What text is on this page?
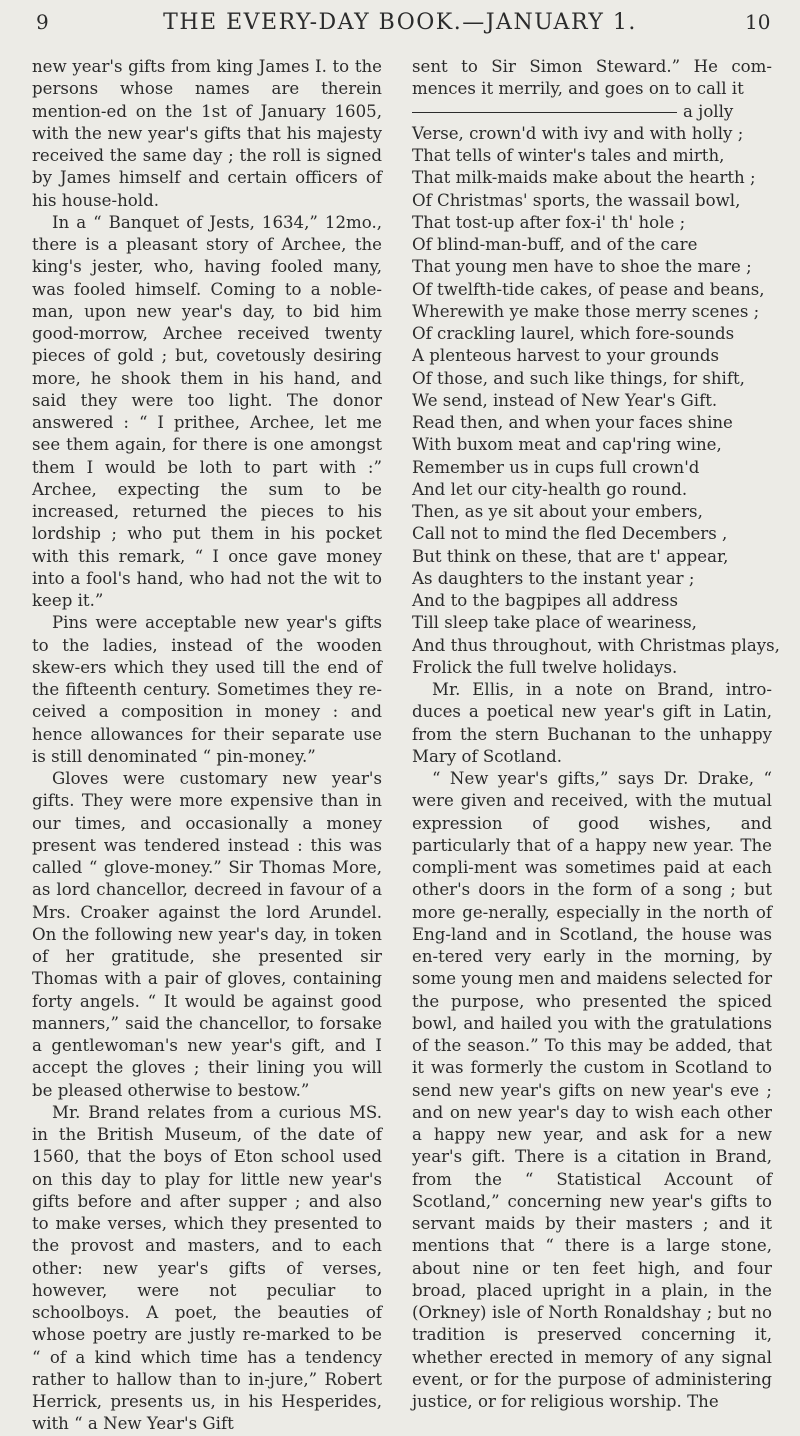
9	THE EVERY-DAY BOOK.—JANUARY 1.	10

new year's gifts from king James I. to the persons whose names are therein mention-ed on the 1st of January 1605, with the new year's gifts that his majesty received the same day ; the roll is signed by James himself and certain officers of his house-hold.

In a “ Banquet of Jests, 1634,” 12mo., there is a pleasant story of Archee, the king's jester, who, having fooled many, was fooled himself. Coming to a noble-man, upon new year's day, to bid him good-morrow, Archee received twenty pieces of gold ; but, covetously desiring more, he shook them in his hand, and said they were too light. The donor answered : “ I prithee, Archee, let me see them again, for there is one amongst them I would be loth to part with :” Archee, expecting the sum to be increased, returned the pieces to his lordship ; who put them in his pocket with this remark, “ I once gave money into a fool's hand, who had not the wit to keep it.”

Pins were acceptable new year's gifts to the ladies, instead of the wooden skew-ers which they used till the end of the fifteenth century. Sometimes they re-ceived a composition in money : and hence allowances for their separate use is still denominated “ pin-money.”

Gloves were customary new year's gifts. They were more expensive than in our times, and occasionally a money present was tendered instead : this was called “ glove-money.” Sir Thomas More, as lord chancellor, decreed in favour of a Mrs. Croaker against the lord Arundel. On the following new year's day, in token of her gratitude, she presented sir Thomas with a pair of gloves, containing forty angels. “ It would be against good manners,” said the chancellor, to forsake a gentlewoman's new year's gift, and I accept the gloves ; their lining you will be pleased otherwise to bestow.”

Mr. Brand relates from a curious MS. in the British Museum, of the date of 1560, that the boys of Eton school used on this day to play for little new year's gifts before and after supper ; and also to make verses, which they presented to the provost and masters, and to each other: new year's gifts of verses, however, were not peculiar to schoolboys. A poet, the beauties of whose poetry are justly re-marked to be “ of a kind which time has a tendency rather to hallow than to in-jure,” Robert Herrick, presents us, in his Hesperides, with “ a New Year's Gift

sent to Sir Simon Steward.” He com-mences it merrily, and goes on to call it

a jolly

Verse, crown'd with ivy and with holly ;

That tells of winter's tales and mirth,

That milk-maids make about the hearth ;

Of Christmas' sports, the wassail bowl,

That tost-up after fox-i' th' hole ;

Of blind-man-buff, and of the care

That young men have to shoe the mare ;

Of twelfth-tide cakes, of pease and beans,

Wherewith ye make those merry scenes ;

Of crackling laurel, which fore-sounds

A plenteous harvest to your grounds

Of those, and such like things, for shift,

We send, instead of New Year's Gift.

Read then, and when your faces shine

With buxom meat and cap'ring wine,

Remember us in cups full crown'd

And let our city-health go round.

Then, as ye sit about your embers,

Call not to mind the fled Decembers ,

But think on these, that are t' appear,

As daughters to the instant year ;

And to the bagpipes all address

Till sleep take place of weariness,

And thus throughout, with Christmas plays,

Frolick the full twelve holidays.

Mr. Ellis, in a note on Brand, intro-duces a poetical new year's gift in Latin, from the stern Buchanan to the unhappy Mary of Scotland.

“ New year's gifts,” says Dr. Drake, “ were given and received, with the mutual expression of good wishes, and particularly that of a happy new year. The compli-ment was sometimes paid at each other's doors in the form of a song ; but more ge-nerally, especially in the north of Eng-land and in Scotland, the house was en-tered very early in the morning, by some young men and maidens selected for the purpose, who presented the spiced bowl, and hailed you with the gratulations of the season.” To this may be added, that it was formerly the custom in Scotland to send new year's gifts on new year's eve ; and on new year's day to wish each other a happy new year, and ask for a new year's gift. There is a citation in Brand, from the “ Statistical Account of Scotland,” concerning new year's gifts to servant maids by their masters ; and it mentions that “ there is a large stone, about nine or ten feet high, and four broad, placed upright in a plain, in the (Orkney) isle of North Ronaldshay ; but no tradition is preserved concerning it, whether erected in memory of any signal event, or for the purpose of administering justice, or for religious worship. The
